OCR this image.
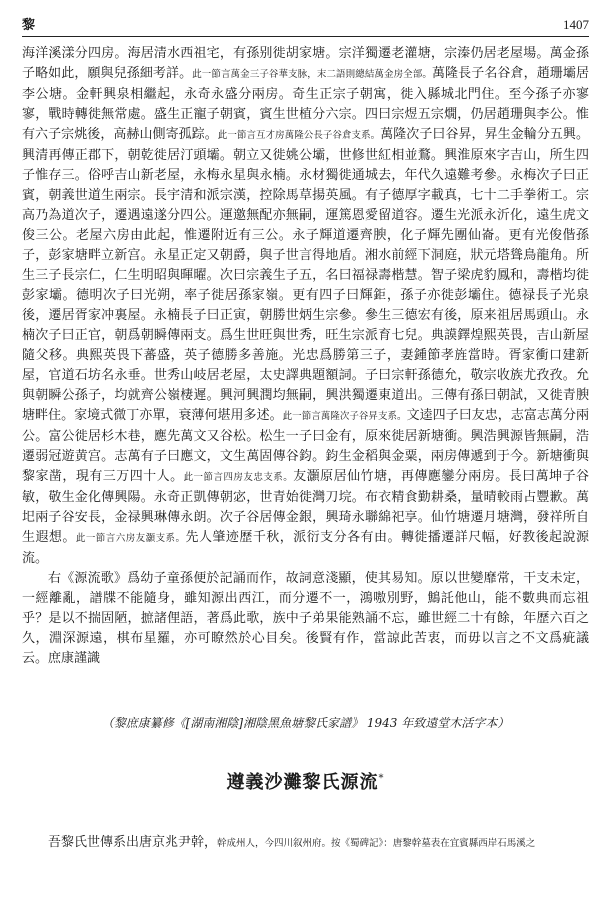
黎	1407

海洋溪漾分四房。海居清水西祖宅，有孫别徙胡家塘。宗洋獨遷老灌塘，宗溱仍居老屋場。萬金孫子略如此，願與兒孫細考詳。此一節言萬金三子谷華支脉，末二語則總結萬金房全部。萬隆長子名谷倉，趙珊壩居李公塘。金軒興泉相繼起，永奇永盛分兩房。奇生正宗子朝寓，徙入縣城北門住。至今孫子亦寥寥，戰時轉徙無常處。盛生正寵子朝賓，賓生世植分六宗。四曰宗煜五宗燗，仍居趙珊與李公。惟有六子宗烑後，高赫山側寄孤踪。此一節言互才房萬隆公長子谷倉支系。萬隆次子曰谷昇，昇生金輪分五興。興清再傳正郡下，朝乾徙居汀頭壩。朝立又徙姚公壩，世修世紅相並鶩。興淮原來字吉山，所生四子惟存三。俗呼吉山新老屋，永梅永星與永楠。永材獨徙通城去，年代久遠難考參。永梅次子曰正賓，朝義世道生兩宗。長宇清和派宗漢，控除馬草揚英風。有子德厚字載真，七十二手拳術工。宗高乃為道次子，遷遇遠遂分四公。運邀無配亦無嗣，運篤恩愛留道容。遷生光派永沂化，遠生虎文俊三公。老屋六房由此起，惟遷附近有三公。永子輝道遷齊腴，化子輝先團仙崙。更有光俊偕孫子，彭家塘畔立新宫。永星正定又朝爵，與子世言得地盾。湘水前經下洞庭，狀元塔聳鳥龍角。所生三子長宗仁，仁生明昭與暉曜。次曰宗義生子五，名曰福禄壽楷慧。智子梁虎豹鳳和，壽楷均徙彭家壩。德明次子曰光朔，率子徙居孫家嶺。更有四子曰輝鉅，孫子亦徙彭壩住。德禄長子光泉後，遷居胥家冲裏屋。永楠長子曰正寅，朝勝世炳生宗參。參生三德宏有後，原来祖居馬頭山。永楠次子曰正官，朝爲朝瞬傳兩支。爲生世旺與世秀，旺生宗派育七兒。典謨鐸煌熙英畏，吉山新屋隨父移。典熙英畏下蕃盛，英子德勝多善施。光忠爲勝第三子，妻鍾節孝旌當時。胥家衝口建新屋，官道石坊名永垂。世秀山岐居老屋，太史譯典題額詞。子曰宗軒孫德允，敬宗收族尤孜孜。允與朝瞬公孫子，均就齊公嶺棲遲。興河興潤均無嗣，興洪獨遷東道出。三傳有孫曰朝試，又徙青腴塘畔住。家境式微丁亦單，衰薄何堪用多述。此一節言萬隆次子谷昇支系。文逵四子曰友忠，志富志萬分兩公。富公徙居杉木巷，應先萬文又谷松。松生一子曰金有，原來徙居新塘衝。興浩興源皆無嗣，浩遷弱冠遊黄宫。志萬有子曰應文，文生萬固傳谷鈞。鈞生金稻與金粟，兩房傳遞到于今。新塘衝與黎家凿，現有三万四十人。此一節言四房友忠支系。友灝原居仙竹塘，再傳應鑾分兩房。長曰萬坤子谷敏，敬生金化傳興陽。永奇正凱傳朝宓，世青始徙灣刀垸。布衣精食勤耕桑，量晴較雨占豐歉。萬圯兩子谷安長，金禄興琳傳永朗。次子谷居傳金銀，興琦永聯綿祀享。仙竹塘遷月塘灣，發祥所自生遐想。此一節言六房友灝支系。先人肇迹歷千秋，派衍支分各有由。轉徙播遷詳尺幅，好教後起說源流。

右《源流歌》爲幼子童孫便於記誦而作，故詞意淺顯，使其易知。原以世變靡常，干支未定，一經離亂，譜牒不能隨身，雖知源出西江，而分遷不一，鴻嗷別野，鷦託他山，能不數典而忘祖乎？是以不揣固陋，摭諸俚語，著爲此歌，族中子弟果能熟誦不忘，雖世經二十有餘，年歷六百之久，淵深源遠，棋布星羅，亦可瞭然於心目矣。後賢有作，當諒此苦衷，而毋以言之不文爲疵議云。庶康謹識

（黎庶康纂修《[湖南湘陰]湘陰黑魚塘黎氏家譜》 1943 年致遠堂木活字本）
遵義沙灘黎氏源流*

吾黎氏世傳系出唐京兆尹幹，幹成州人，今四川叙州府。按《蜀碑記》：唐黎幹墓表在宜賓縣西岸石馬溪之
